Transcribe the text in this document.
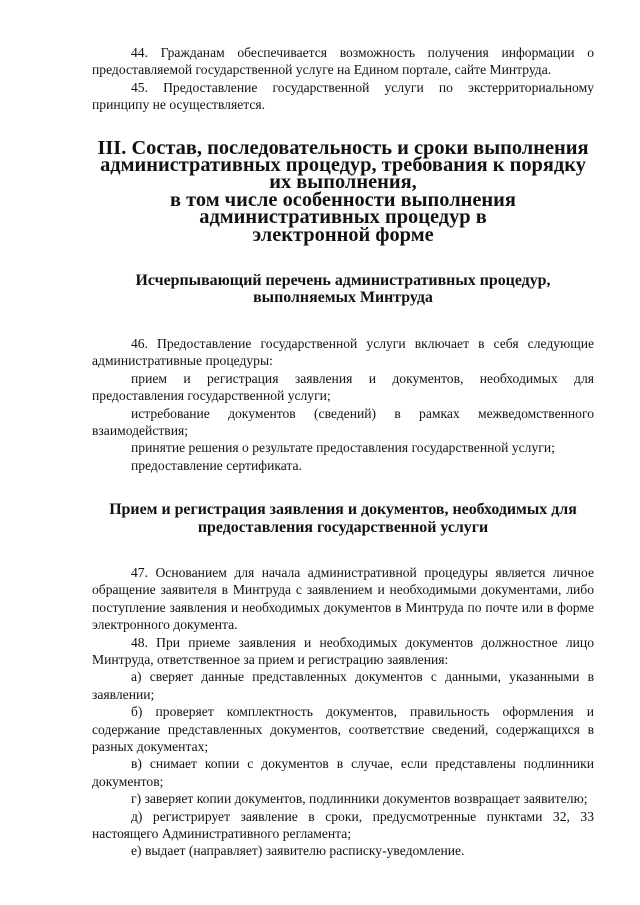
44. Гражданам обеспечивается возможность получения информации о предоставляемой государственной услуге на Едином портале, сайте Минтруда.

45. Предоставление государственной услуги по экстерриториальному принципу не осуществляется.

III. Состав, последовательность и сроки выполнения
административных процедур, требования к порядку их выполнения,
в том числе особенности выполнения административных процедур в
электронной форме
Исчерпывающий перечень административных процедур,
выполняемых Минтруда

46. Предоставление государственной услуги включает в себя следующие административные процедуры:

прием и регистрация заявления и документов, необходимых для предоставления государственной услуги;

истребование документов (сведений) в рамках межведомственного взаимодействия;

принятие решения о результате предоставления государственной услуги;

предоставление сертификата.

Прием и регистрация заявления и документов, необходимых для
предоставления государственной услуги

47. Основанием для начала административной процедуры является личное обращение заявителя в Минтруда с заявлением и необходимыми документами, либо поступление заявления и необходимых документов в Минтруда по почте или в форме электронного документа.

48. При приеме заявления и необходимых документов должностное лицо Минтруда, ответственное за прием и регистрацию заявления:

а) сверяет данные представленных документов с данными, указанными в заявлении;

б) проверяет комплектность документов, правильность оформления и содержание представленных документов, соответствие сведений, содержащихся в разных документах;

в) снимает копии с документов в случае, если представлены подлинники документов;

г) заверяет копии документов, подлинники документов возвращает заявителю;

д) регистрирует заявление в сроки, предусмотренные пунктами 32, 33 настоящего Административного регламента;

е) выдает (направляет) заявителю расписку-уведомление.
